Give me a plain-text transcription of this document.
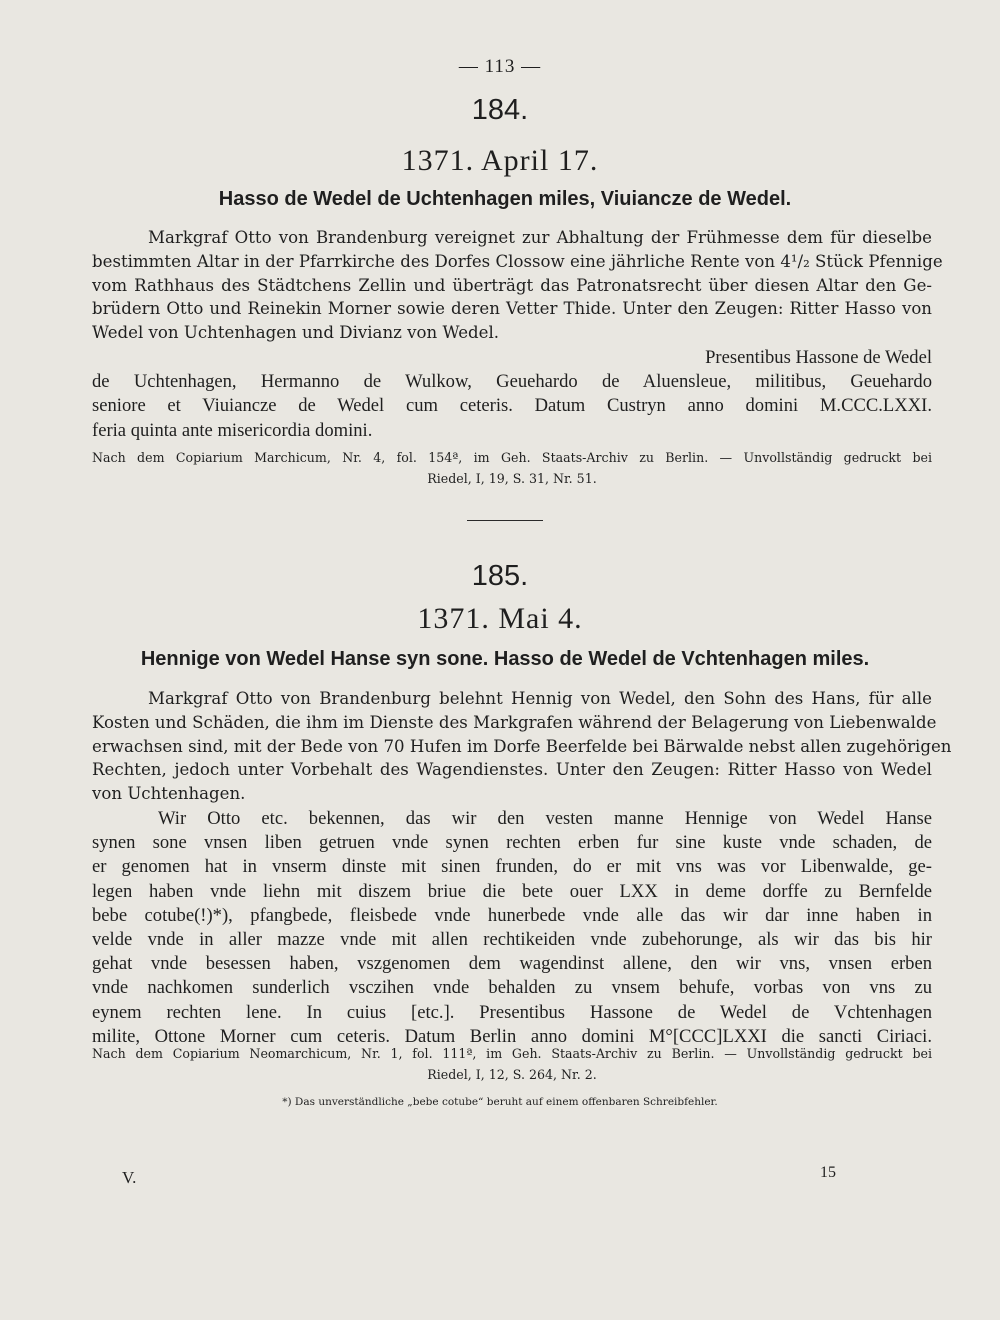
— 113 —
184.
1371. April 17.
Hasso de Wedel de Uchtenhagen miles, Viuiancze de Wedel.
Markgraf Otto von Brandenburg vereignet zur Abhaltung der Frühmesse dem für dieselbe
bestimmten Altar in der Pfarrkirche des Dorfes Clossow eine jährliche Rente von 4¹/₂ Stück Pfennige
vom Rathhaus des Städtchens Zellin und überträgt das Patronatsrecht über diesen Altar den Ge-
brüdern Otto und Reinekin Morner sowie deren Vetter Thide. Unter den Zeugen: Ritter Hasso von
Wedel von Uchtenhagen und Divianz von Wedel.
Presentibus Hassone de Wedel
de Uchtenhagen, Hermanno de Wulkow, Geuehardo de Aluensleue, militibus, Geuehardo
seniore et Viuiancze de Wedel cum ceteris. Datum Custryn anno domini M.CCC.LXXI.
feria quinta ante misericordia domini.
Nach dem Copiarium Marchicum, Nr. 4, fol. 154ª, im Geh. Staats-Archiv zu Berlin. — Unvollständig gedruckt bei
Riedel, I, 19, S. 31, Nr. 51.
185.
1371. Mai 4.
Hennige von Wedel Hanse syn sone. Hasso de Wedel de Vchtenhagen miles.
Markgraf Otto von Brandenburg belehnt Hennig von Wedel, den Sohn des Hans, für alle
Kosten und Schäden, die ihm im Dienste des Markgrafen während der Belagerung von Liebenwalde
erwachsen sind, mit der Bede von 70 Hufen im Dorfe Beerfelde bei Bärwalde nebst allen zugehörigen
Rechten, jedoch unter Vorbehalt des Wagendienstes. Unter den Zeugen: Ritter Hasso von Wedel
von Uchtenhagen.
Wir Otto etc. bekennen, das wir den vesten manne Hennige von Wedel Hanse
synen sone vnsen liben getruen vnde synen rechten erben fur sine kuste vnde schaden, de
er genomen hat in vnserm dinste mit sinen frunden, do er mit vns was vor Libenwalde, ge-
legen haben vnde liehn mit diszem briue die bete ouer LXX in deme dorffe zu Bernfelde
bebe cotube(!)*), pfangbede, fleisbede vnde hunerbede vnde alle das wir dar inne haben in
velde vnde in aller mazze vnde mit allen rechtikeiden vnde zubehorunge, als wir das bis hir
gehat vnde besessen haben, vszgenomen dem wagendinst allene, den wir vns, vnsen erben
vnde nachkomen sunderlich vsczihen vnde behalden zu vnsem behufe, vorbas von vns zu
eynem rechten lene. In cuius [etc.]. Presentibus Hassone de Wedel de Vchtenhagen
milite, Ottone Morner cum ceteris. Datum Berlin anno domini M°[CCC]LXXI die sancti Ciriaci.
Nach dem Copiarium Neomarchicum, Nr. 1, fol. 111ª, im Geh. Staats-Archiv zu Berlin. — Unvollständig gedruckt bei
Riedel, I, 12, S. 264, Nr. 2.
*) Das unverständliche „bebe cotube“ beruht auf einem offenbaren Schreibfehler.
V.	15
